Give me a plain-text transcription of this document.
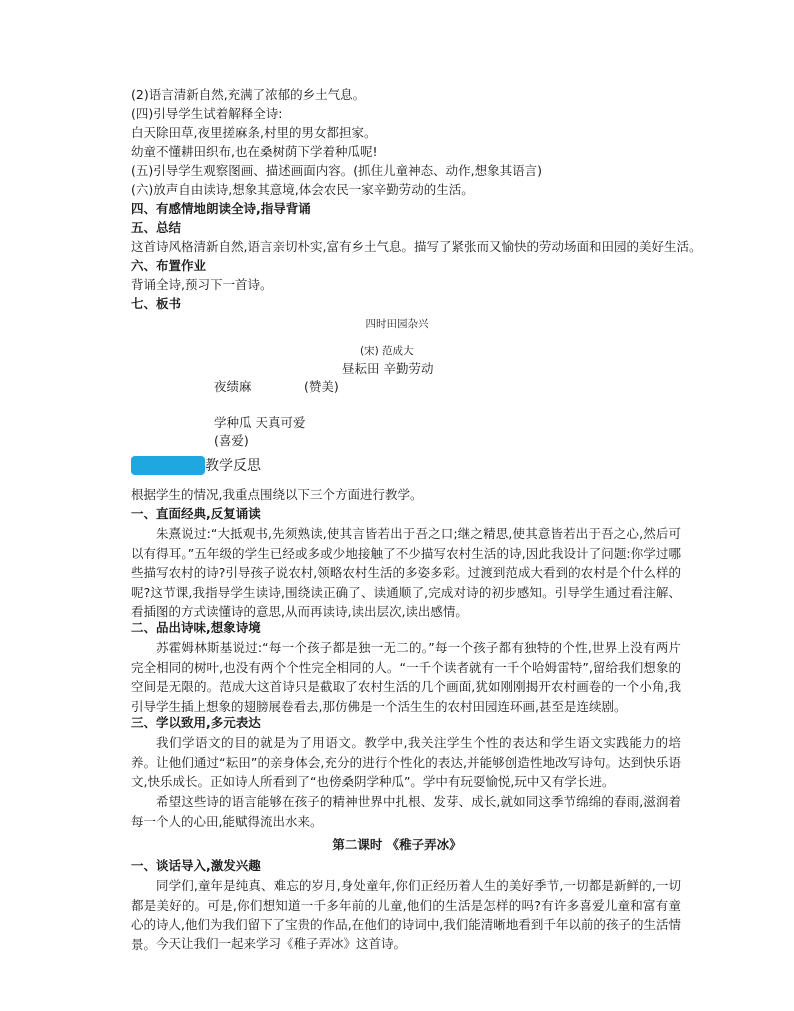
(2)语言清新自然,充满了浓郁的乡土气息。
(四)引导学生试着解释全诗:
白天除田草,夜里搓麻条,村里的男女都担家。
幼童不懂耕田织布,也在桑树荫下学着种瓜呢!
(五)引导学生观察图画、描述画面内容。(抓住儿童神态、动作,想象其语言)
(六)放声自由读诗,想象其意境,体会农民一家辛勤劳动的生活。
四、有感情地朗读全诗,指导背诵
五、总结
这首诗风格清新自然,语言亲切朴实,富有乡土气息。描写了紧张而又愉快的劳动场面和田园的美好生活。
六、布置作业
背诵全诗,预习下一首诗。
七、板书
四时田园杂兴
(宋) 范成大
昼耘田 辛勤劳动
夜绩麻	(赞美)
学种瓜 天真可爱
(喜爱)
教学反思
根据学生的情况,我重点围绕以下三个方面进行教学。
一、直面经典,反复诵读
朱熹说过:“大抵观书,先须熟读,使其言皆若出于吾之口;继之精思,使其意皆若出于吾之心,然后可以有得耳。”五年级的学生已经或多或少地接触了不少描写农村生活的诗,因此我设计了问题:你学过哪些描写农村的诗?引导孩子说农村,领略农村生活的多姿多彩。过渡到范成大看到的农村是个什么样的呢?这节课,我指导学生读诗,围绕读正确了、读通顺了,完成对诗的初步感知。引导学生通过看注解、看插图的方式读懂诗的意思,从而再读诗,读出层次,读出感情。
二、品出诗味,想象诗境
苏霍姆林斯基说过:“每一个孩子都是独一无二的。”每一个孩子都有独特的个性,世界上没有两片完全相同的树叶,也没有两个个性完全相同的人。“一千个读者就有一千个哈姆雷特”,留给我们想象的空间是无限的。范成大这首诗只是截取了农村生活的几个画面,犹如刚刚揭开农村画卷的一个小角,我引导学生插上想象的翅膀展卷看去,那仿佛是一个活生生的农村田园连环画,甚至是连续剧。
三、学以致用,多元表达
我们学语文的目的就是为了用语文。教学中,我关注学生个性的表达和学生语文实践能力的培养。让他们通过“耘田”的亲身体会,充分的进行个性化的表达,并能够创造性地改写诗句。达到快乐语文,快乐成长。正如诗人所看到了“也傍桑阴学种瓜”。学中有玩耍愉悦,玩中又有学长进。
希望这些诗的语言能够在孩子的精神世界中扎根、发芽、成长,就如同这季节绵绵的春雨,滋润着每一个人的心田,能赋得流出水来。
第二课时 《稚子弄冰》
一、谈话导入,激发兴趣
同学们,童年是纯真、难忘的岁月,身处童年,你们正经历着人生的美好季节,一切都是新鲜的,一切都是美好的。可是,你们想知道一千多年前的儿童,他们的生活是怎样的吗?有许多喜爱儿童和富有童心的诗人,他们为我们留下了宝贵的作品,在他们的诗词中,我们能清晰地看到千年以前的孩子的生活情景。 今天让我们一起来学习《稚子弄冰》这首诗。
